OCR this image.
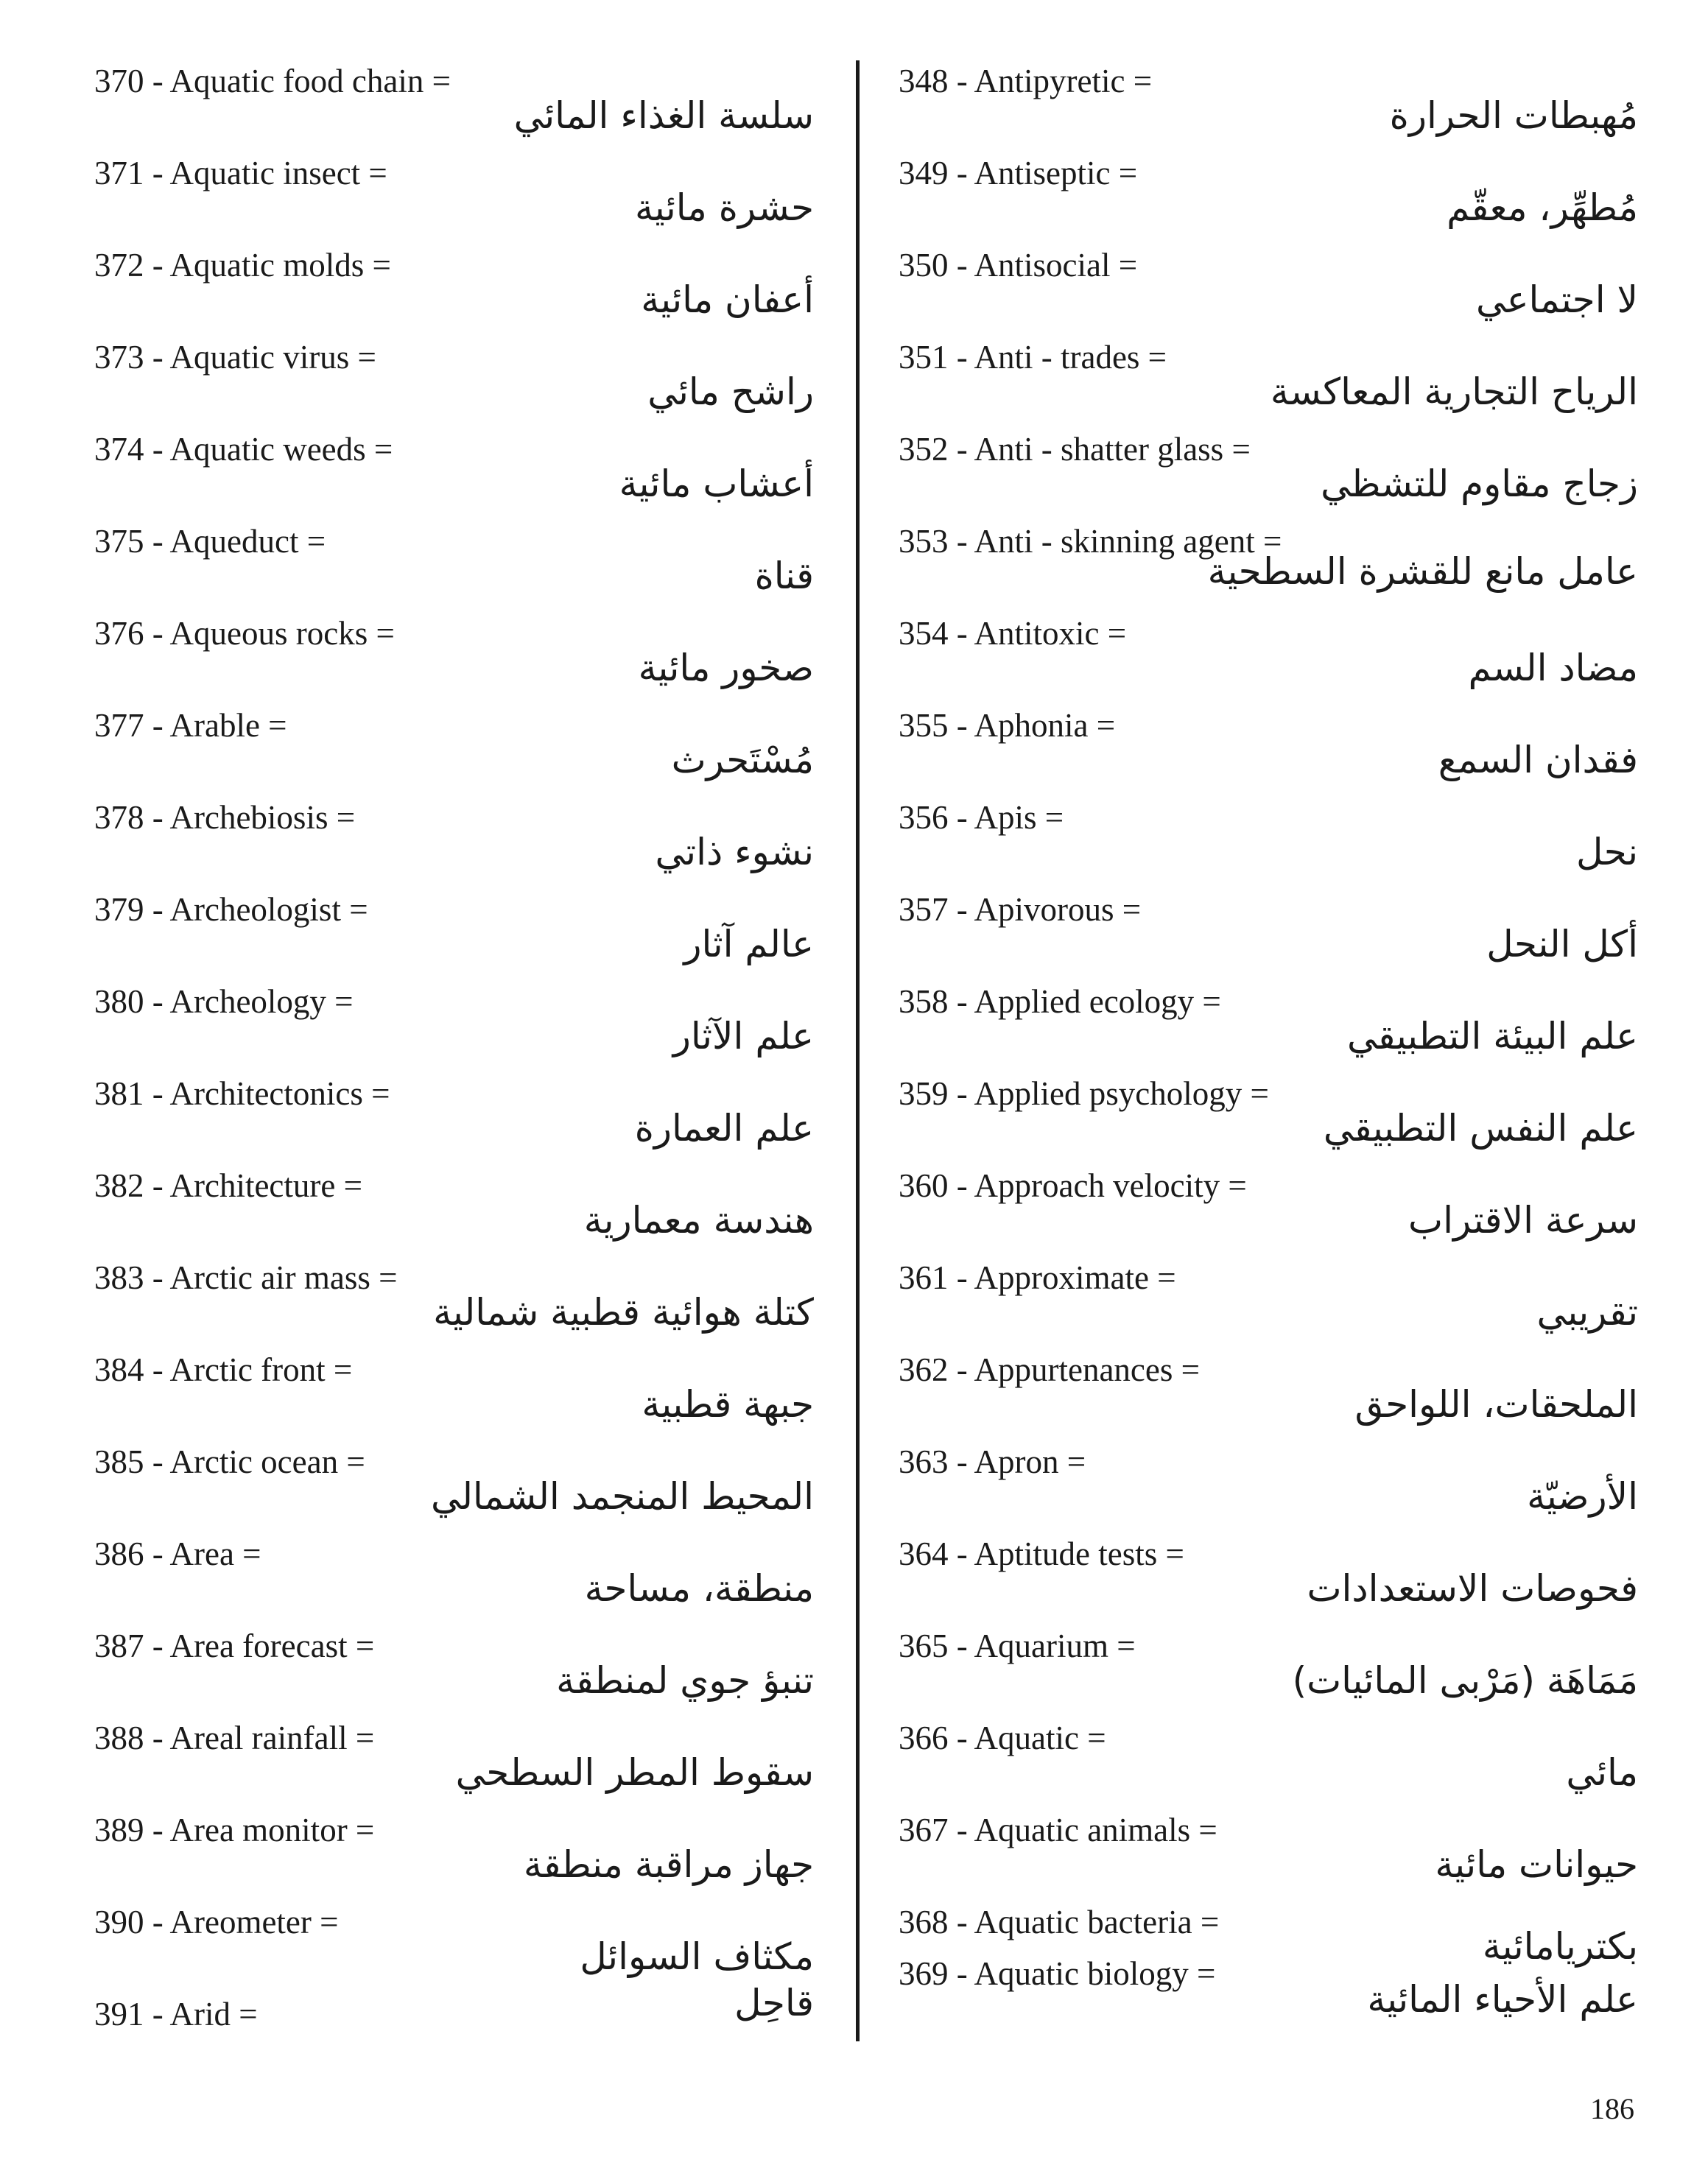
370 - Aquatic food chain =
سلسة الغذاء المائي
371 - Aquatic insect =
حشرة مائية
372 - Aquatic molds =
أعفان مائية
373 - Aquatic virus =
راشح مائي
374 - Aquatic weeds =
أعشاب مائية
375 - Aqueduct =
قناة
376 - Aqueous rocks =
صخور مائية
377 - Arable =
مُسْتَحرث
378 - Archebiosis =
نشوء ذاتي
379 - Archeologist =
عالم آثار
380 - Archeology =
علم الآثار
381 - Architectonics =
علم العمارة
382 - Architecture =
هندسة معمارية
383 - Arctic air mass =
كتلة هوائية قطبية شمالية
384 - Arctic front =
جبهة قطبية
385 - Arctic ocean =
المحيط المنجمد الشمالي
386 - Area =
منطقة، مساحة
387 - Area forecast =
تنبؤ جوي لمنطقة
388 - Areal rainfall =
سقوط المطر السطحي
389 - Area monitor =
جهاز مراقبة منطقة
390 - Areometer =
مكثاف السوائل
391 - Arid =	قاحِل
348 - Antipyretic =
مُهبطات الحرارة
349 - Antiseptic =
مُطهِّر، معقّم
350 - Antisocial =
لا اجتماعي
351 - Anti - trades =
الرياح التجارية المعاكسة
352 - Anti - shatter glass =
زجاج مقاوم للتشظي
353 - Anti - skinning agent =
عامل مانع للقشرة السطحية
354 - Antitoxic =
مضاد السم
355 - Aphonia =
فقدان السمع
356 - Apis =
نحل
357 - Apivorous =
أكل النحل
358 - Applied ecology =
علم البيئة التطبيقي
359 - Applied psychology =
علم النفس التطبيقي
360 - Approach velocity =
سرعة الاقتراب
361 - Approximate =
تقريبي
362 - Appurtenances =
الملحقات، اللواحق
363 - Apron =
الأرضيّة
364 - Aptitude tests =
فحوصات الاستعدادات
365 - Aquarium =
مَمَاهَة (مَرْبى المائيات)
366 - Aquatic =
مائي
367 - Aquatic animals =
حيوانات مائية
368 - Aquatic bacteria =
بكتريامائية
369 - Aquatic biology =
علم الأحياء المائية
186
